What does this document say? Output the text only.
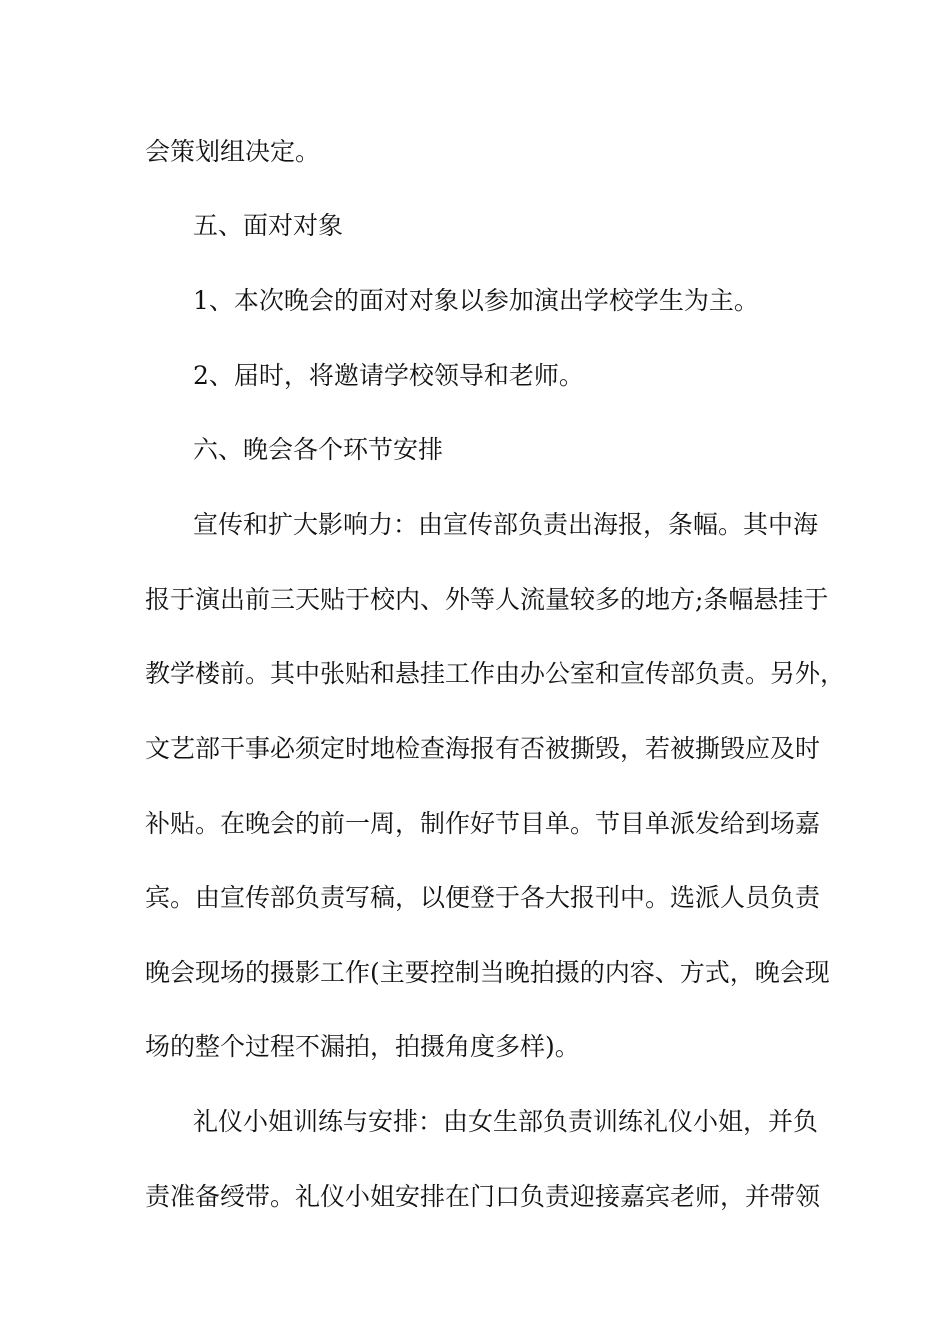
会策划组决定。
五、面对对象
1、本次晚会的面对对象以参加演出学校学生为主。
2、届时，将邀请学校领导和老师。
六、晚会各个环节安排
宣传和扩大影响力：由宣传部负责出海报，条幅。其中海
报于演出前三天贴于校内、外等人流量较多的地方;条幅悬挂于
教学楼前。其中张贴和悬挂工作由办公室和宣传部负责。另外，
文艺部干事必须定时地检查海报有否被撕毁，若被撕毁应及时
补贴。在晚会的前一周，制作好节目单。节目单派发给到场嘉
宾。由宣传部负责写稿，以便登于各大报刊中。选派人员负责
晚会现场的摄影工作(主要控制当晚拍摄的内容、方式，晚会现
场的整个过程不漏拍，拍摄角度多样)。
礼仪小姐训练与安排：由女生部负责训练礼仪小姐，并负
责准备绶带。礼仪小姐安排在门口负责迎接嘉宾老师，并带领
